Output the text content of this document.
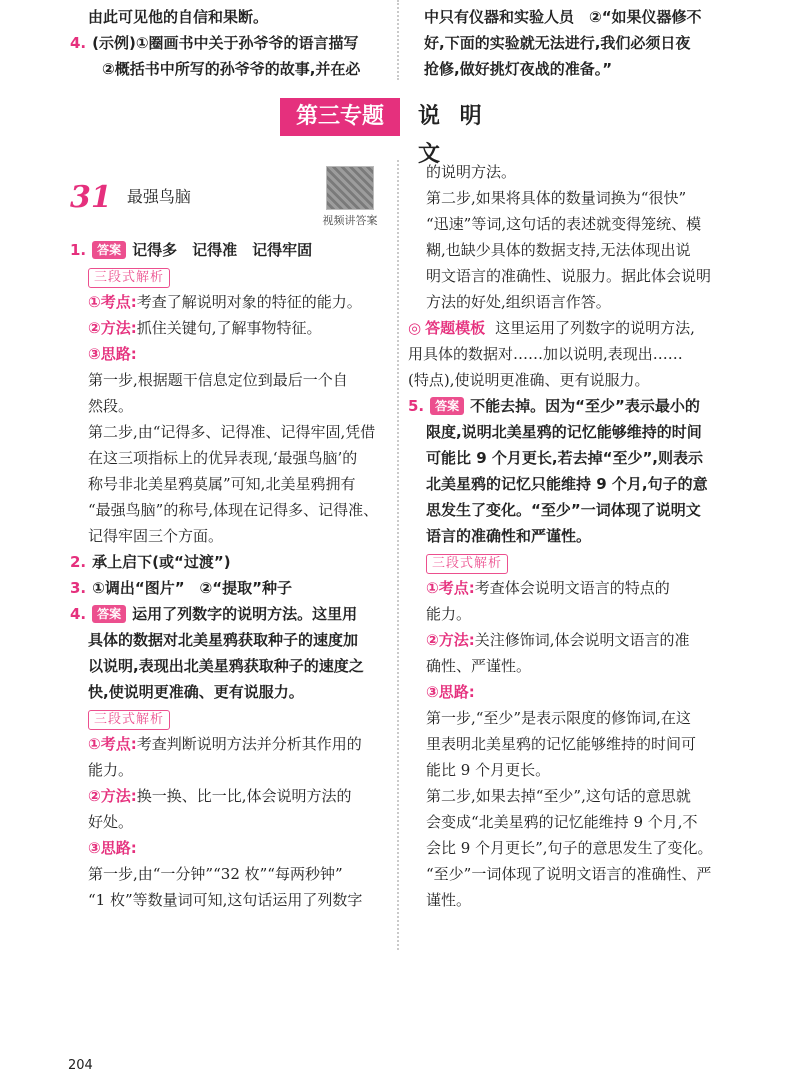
由此可见他的自信和果断。

4. (示例)①圈画书中关于孙爷爷的语言描写

②概括书中所写的孙爷爷的故事,并在必

中只有仪器和实验人员　②“如果仪器修不

好,下面的实验就无法进行,我们必须日夜

抢修,做好挑灯夜战的准备。”

第三专题	说 明 文
31 最强鸟脑
视频讲答案

1. 答案 记得多　记得准　记得牢固

三段式解析

①考点:考查了解说明对象的特征的能力。

②方法:抓住关键句,了解事物特征。

③思路:

第一步,根据题干信息定位到最后一个自

然段。

第二步,由“记得多、记得准、记得牢固,凭借

在这三项指标上的优异表现,‘最强鸟脑’的

称号非北美星鸦莫属”可知,北美星鸦拥有

“最强鸟脑”的称号,体现在记得多、记得准、

记得牢固三个方面。

2. 承上启下(或“过渡”)

3. ①调出“图片”　②“提取”种子

4. 答案 运用了列数字的说明方法。这里用

具体的数据对北美星鸦获取种子的速度加

以说明,表现出北美星鸦获取种子的速度之

快,使说明更准确、更有说服力。

三段式解析

①考点:考查判断说明方法并分析其作用的

能力。

②方法:换一换、比一比,体会说明方法的

好处。

③思路:

第一步,由“一分钟”“32 枚”“每两秒钟”

“1 枚”等数量词可知,这句话运用了列数字

的说明方法。

第二步,如果将具体的数量词换为“很快”

“迅速”等词,这句话的表述就变得笼统、模

糊,也缺少具体的数据支持,无法体现出说

明文语言的准确性、说服力。据此体会说明

方法的好处,组织语言作答。

◎ 答题模板 这里运用了列数字的说明方法,

用具体的数据对……加以说明,表现出……

(特点),使说明更准确、更有说服力。

5. 答案 不能去掉。因为“至少”表示最小的

限度,说明北美星鸦的记忆能够维持的时间

可能比 9 个月更长,若去掉“至少”,则表示

北美星鸦的记忆只能维持 9 个月,句子的意

思发生了变化。“至少”一词体现了说明文

语言的准确性和严谨性。

三段式解析

①考点:考查体会说明文语言的特点的

能力。

②方法:关注修饰词,体会说明文语言的准

确性、严谨性。

③思路:

第一步,“至少”是表示限度的修饰词,在这

里表明北美星鸦的记忆能够维持的时间可

能比 9 个月更长。

第二步,如果去掉“至少”,这句话的意思就

会变成“北美星鸦的记忆能维持 9 个月,不

会比 9 个月更长”,句子的意思发生了变化。

“至少”一词体现了说明文语言的准确性、严

谨性。

204
